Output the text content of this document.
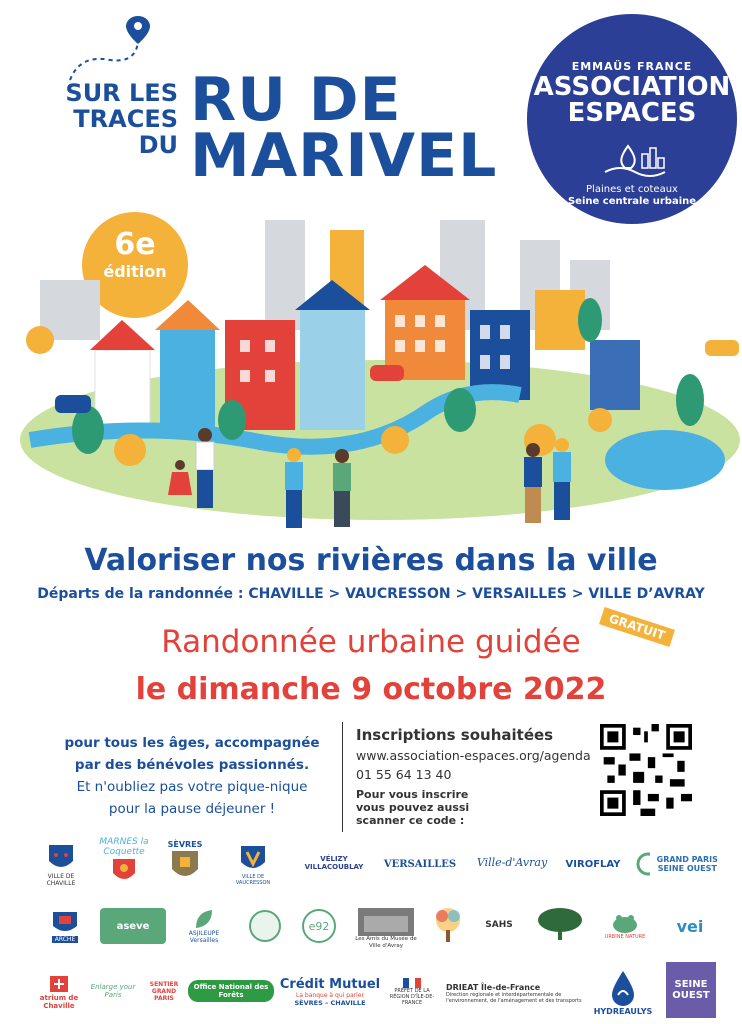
SUR LES TRACES DU
RU DE
MARIVEL
EMMAÜS FRANCE
ASSOCIATION
ESPACES
Plaines et coteaux
Seine centrale urbaine
6e
édition
Valoriser nos rivières dans la ville
Départs de la randonnée : CHAVILLE > VAUCRESSON > VERSAILLES > VILLE D’AVRAY
Randonnée urbaine guidée	GRATUIT
le dimanche 9 octobre 2022
pour tous les âges, accompagnée
par des bénévoles passionnés.
Et n'oubliez pas votre pique-nique
pour la pause déjeuner !
Inscriptions souhaitées
www.association-espaces.org/agenda
01 55 64 13 40
Pour vous inscrire
vous pouvez aussi
scanner ce code :
VILLE DE CHAVILLE
MARNES la Coquette
SÈVRES
VILLE DE VAUCRESSON
VÉLIZY VILLACOUBLAY	VERSAILLES Ville-d'Avray VIROFLAY	GRAND PARIS SEINE OUEST
ARCHE
aseve
ASJILEUPE Versailles
e92
Les Amis du Musée de Ville d'Avray
SAHS
URBINE NATURE
vei
atrium de Chaville
Enlarge your Paris
SENTIER GRAND PARIS
Office National des Forêts
Crédit Mutuel
La banque à qui parler
SÈVRES – CHAVILLE
PRÉFET DE LA RÉGION D'ÎLE-DE-FRANCE
DRIEAT Île-de-France
Direction régionale et interdépartementale de l'environnement, de l'aménagement et des transports
HYDREAULYS
SEINE OUEST
